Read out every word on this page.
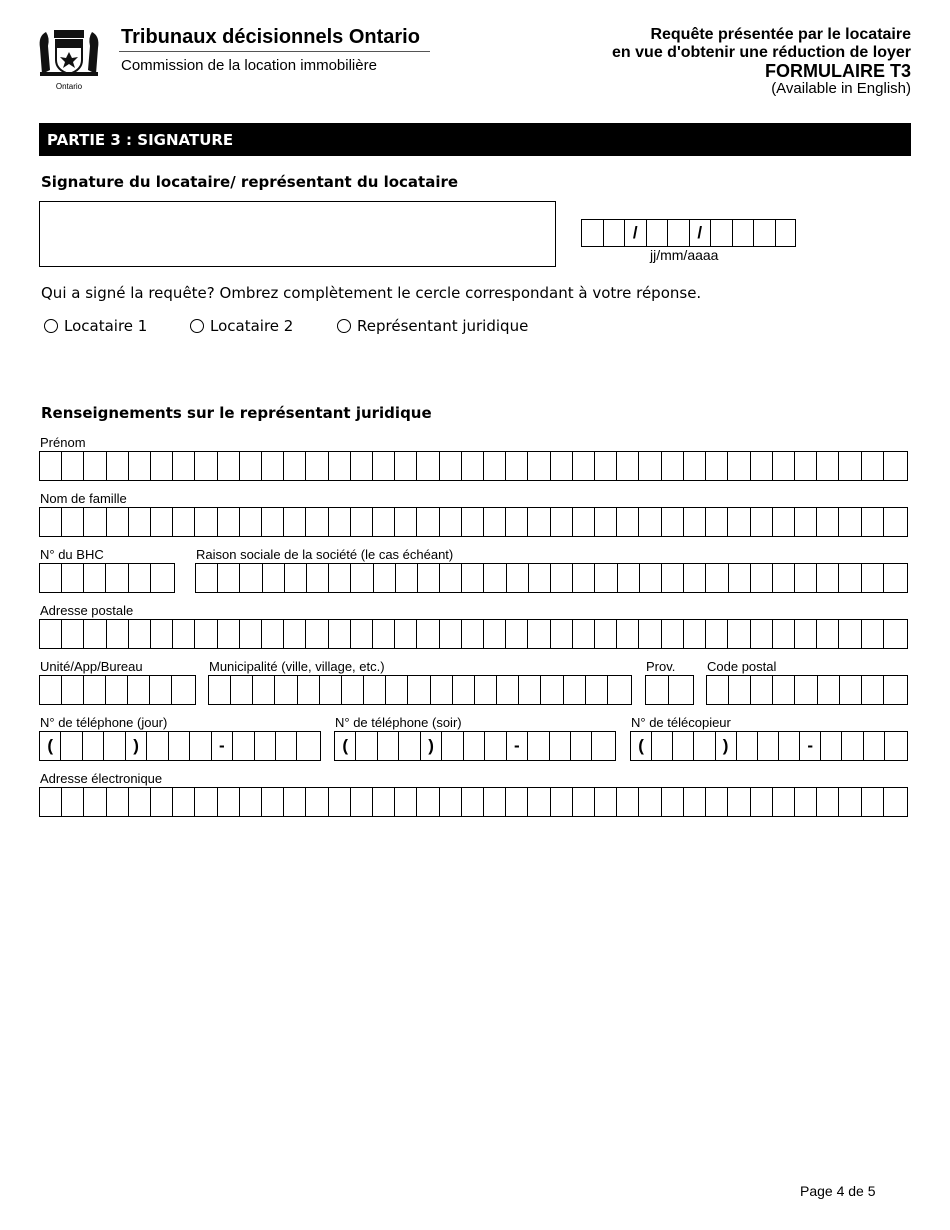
Ontario
Tribunaux décisionnels Ontario
Commission de la location immobilière
Requête présentée par le locataire
en vue d'obtenir une réduction de loyer
FORMULAIRE T3
(Available in English)
PARTIE 3 : SIGNATURE
Signature du locataire/ représentant du locataire
/	/
jj/mm/aaaa
Qui a signé la requête? Ombrez complètement le cercle correspondant à votre réponse.
Locataire 1	Locataire 2	Représentant juridique
Renseignements sur le représentant juridique
Prénom
Nom de famille
N° du BHC	Raison sociale de la société (le cas échéant)
Adresse postale
Unité/App/Bureau	Municipalité (ville, village, etc.)	Prov. Code postal
N° de téléphone (jour)	N° de téléphone (soir)	N° de télécopieur
(	)	-	(	)	-	(	)	-
Adresse électronique
Page 4 de 5
